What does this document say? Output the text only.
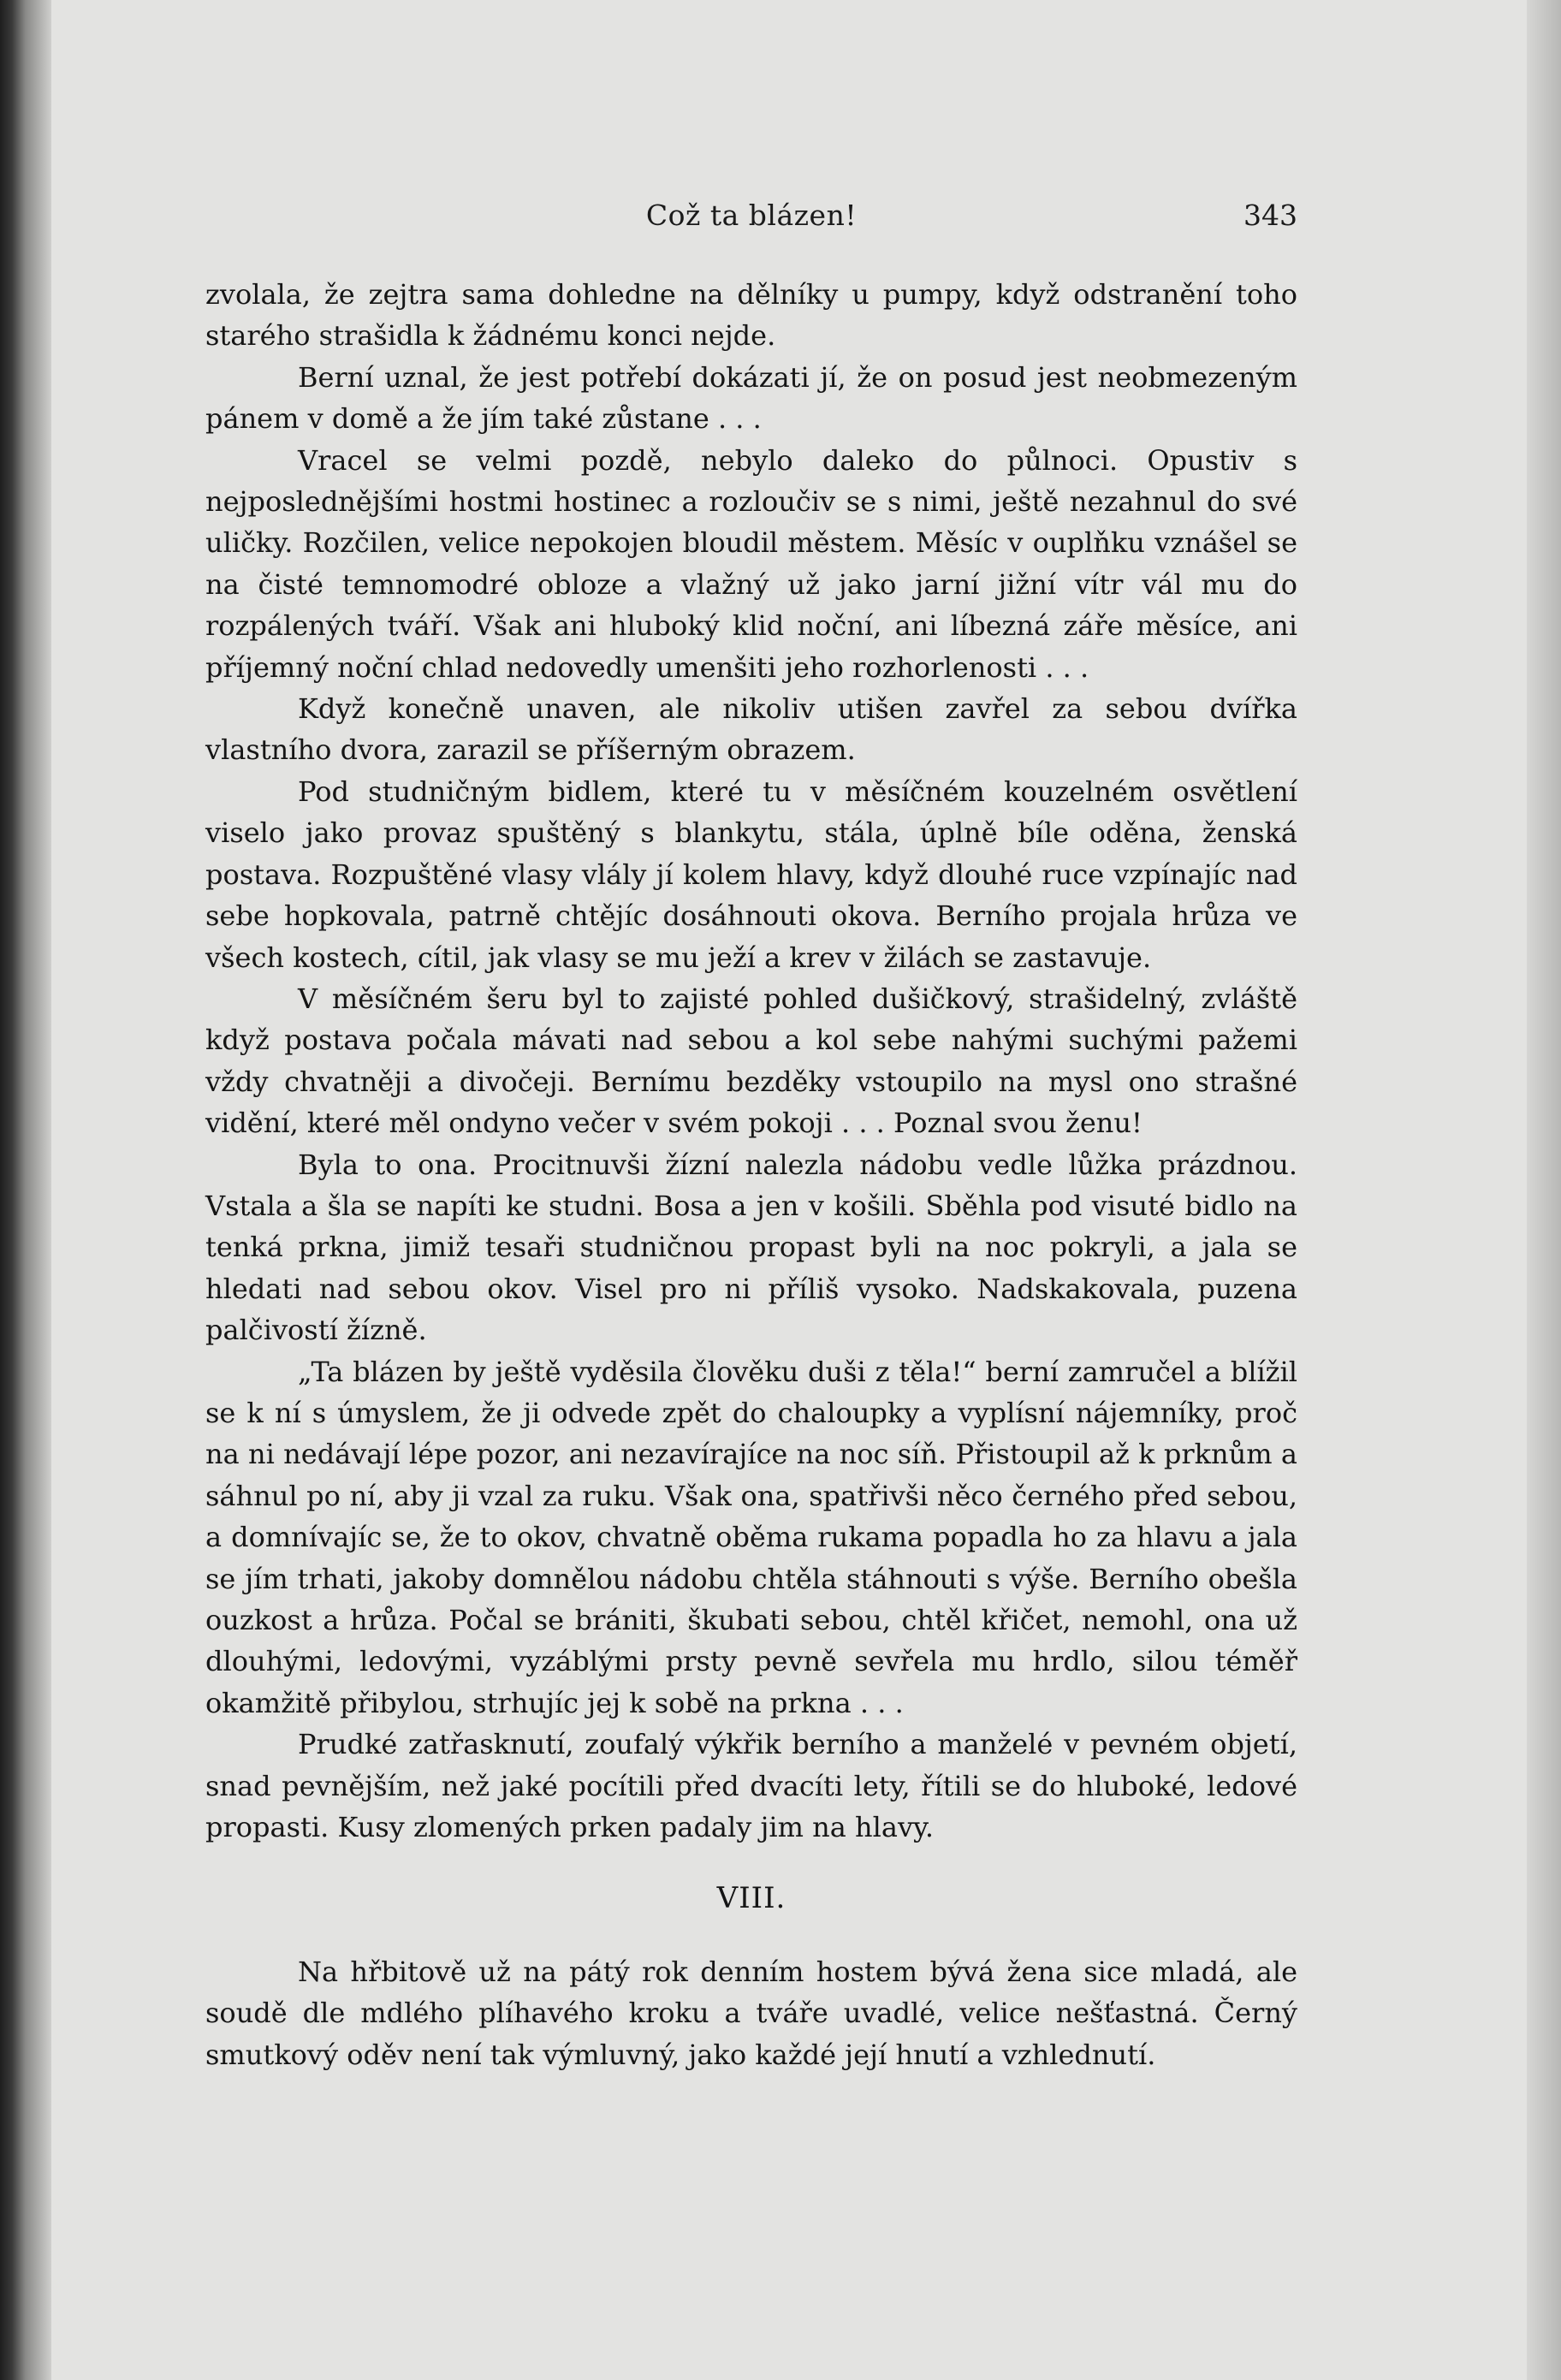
Což ta blázen!	343

zvolala, že zejtra sama dohledne na dělníky u pumpy, když odstranění toho starého strašidla k žádnému konci nejde.

Berní uznal, že jest potřebí dokázati jí, že on posud jest neobmezeným pánem v domě a že jím také zůstane . . .

Vracel se velmi pozdě, nebylo daleko do půlnoci. Opustiv s nejposlednějšími hostmi hostinec a rozloučiv se s nimi, ještě nezahnul do své uličky. Rozčilen, velice nepokojen bloudil městem. Měsíc v ouplňku vznášel se na čisté temnomodré obloze a vlažný už jako jarní jižní vítr vál mu do rozpálených tváří. Však ani hluboký klid noční, ani líbezná záře měsíce, ani příjemný noční chlad nedovedly umenšiti jeho rozhorlenosti . . .

Když konečně unaven, ale nikoliv utišen zavřel za sebou dvířka vlastního dvora, zarazil se příšerným obrazem.

Pod studničným bidlem, které tu v měsíčném kouzelném osvětlení viselo jako provaz spuštěný s blankytu, stála, úplně bíle oděna, ženská postava. Rozpuštěné vlasy vlály jí kolem hlavy, když dlouhé ruce vzpínajíc nad sebe hopkovala, patrně chtějíc dosáhnouti okova. Berního projala hrůza ve všech kostech, cítil, jak vlasy se mu ježí a krev v žilách se zastavuje.

V měsíčném šeru byl to zajisté pohled dušičkový, strašidelný, zvláště když postava počala mávati nad sebou a kol sebe nahými suchými pažemi vždy chvatněji a divočeji. Bernímu bezděky vstoupilo na mysl ono strašné vidění, které měl ondyno večer v svém pokoji . . . Poznal svou ženu!

Byla to ona. Procitnuvši žízní nalezla nádobu vedle lůžka prázdnou. Vstala a šla se napíti ke studni. Bosa a jen v košili. Sběhla pod visuté bidlo na tenká prkna, jimiž tesaři studničnou propast byli na noc pokryli, a jala se hledati nad sebou okov. Visel pro ni příliš vysoko. Nadskakovala, puzena palčivostí žízně.

„Ta blázen by ještě vyděsila člověku duši z těla!“ berní zamručel a blížil se k ní s úmyslem, že ji odvede zpět do chaloupky a vyplísní nájemníky, proč na ni nedávají lépe pozor, ani nezavírajíce na noc síň. Přistoupil až k prknům a sáhnul po ní, aby ji vzal za ruku. Však ona, spatřivši něco černého před sebou, a domnívajíc se, že to okov, chvatně oběma rukama popadla ho za hlavu a jala se jím trhati, jakoby domnělou nádobu chtěla stáhnouti s výše. Berního obešla ouzkost a hrůza. Počal se brániti, škubati sebou, chtěl křičet, nemohl, ona už dlouhými, ledovými, vyzáblými prsty pevně sevřela mu hrdlo, silou téměř okamžitě přibylou, strhujíc jej k sobě na prkna . . .

Prudké zatřasknutí, zoufalý výkřik berního a manželé v pevném objetí, snad pevnějším, než jaké pocítili před dvacíti lety, řítili se do hluboké, ledové propasti. Kusy zlomených prken padaly jim na hlavy.

VIII.

Na hřbitově už na pátý rok denním hostem bývá žena sice mladá, ale soudě dle mdlého plíhavého kroku a tváře uvadlé, velice nešťastná. Černý smutkový oděv není tak výmluvný, jako každé její hnutí a vzhlednutí.
